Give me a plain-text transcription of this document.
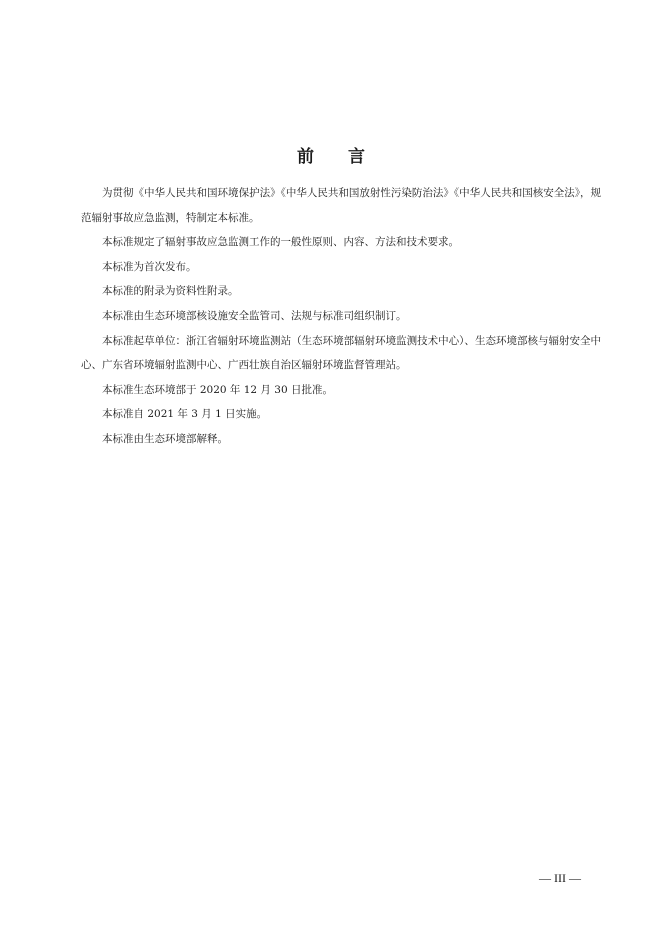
前 言

为贯彻《中华人民共和国环境保护法》《中华人民共和国放射性污染防治法》《中华人民共和国核安全法》，规范辐射事故应急监测，特制定本标准。

本标准规定了辐射事故应急监测工作的一般性原则、内容、方法和技术要求。

本标准为首次发布。

本标准的附录为资料性附录。

本标准由生态环境部核设施安全监管司、法规与标准司组织制订。

本标准起草单位：浙江省辐射环境监测站（生态环境部辐射环境监测技术中心）、生态环境部核与辐射安全中心、广东省环境辐射监测中心、广西壮族自治区辐射环境监督管理站。

本标准生态环境部于 2020 年 12 月 30 日批准。

本标准自 2021 年 3 月 1 日实施。

本标准由生态环境部解释。

— III —
